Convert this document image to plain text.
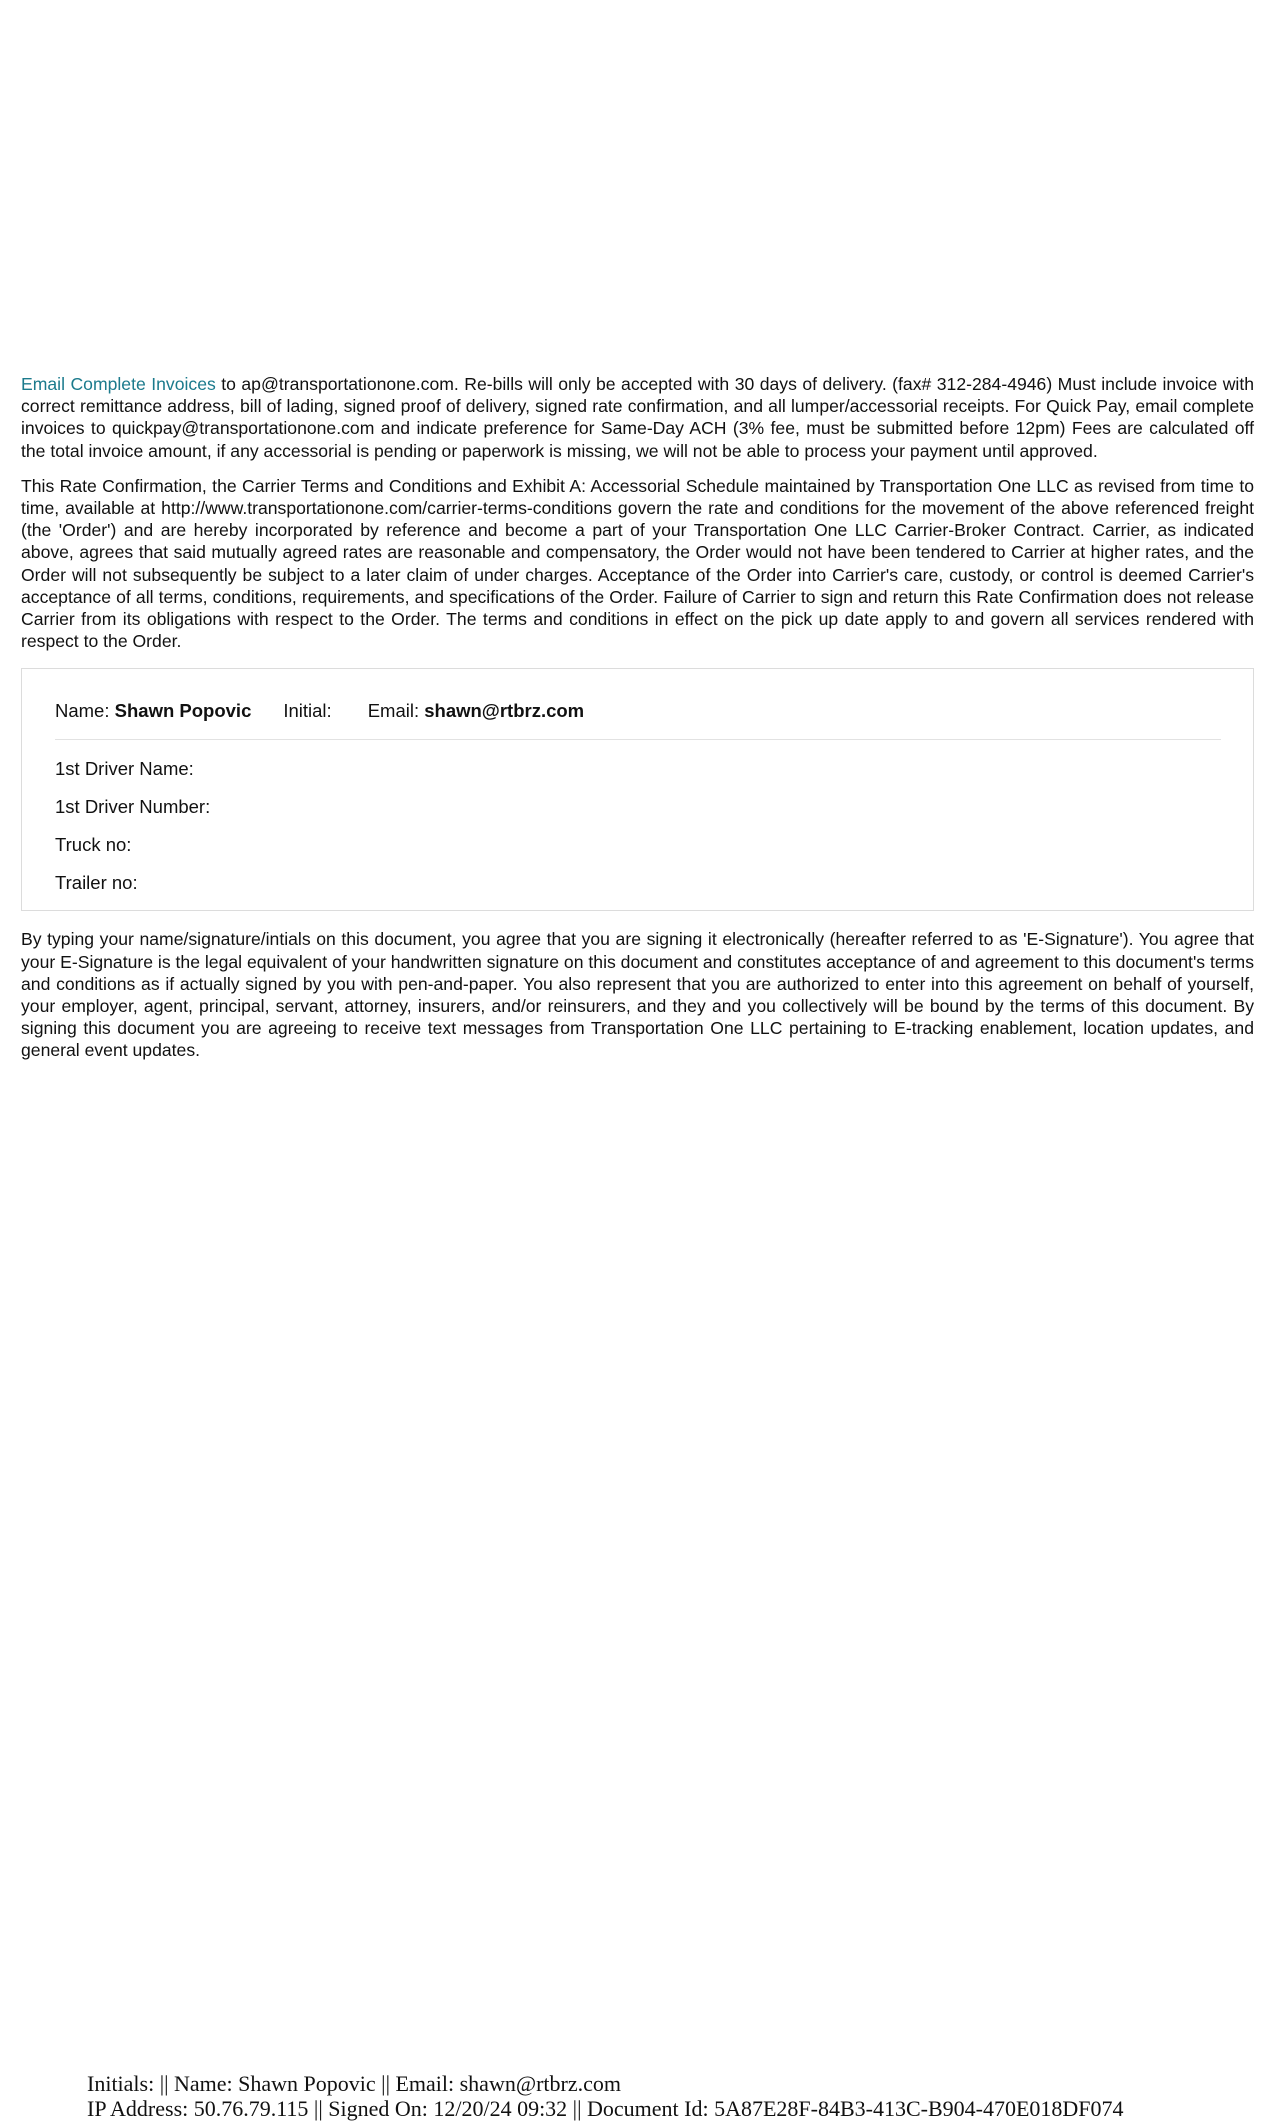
Email Complete Invoices to ap@transportationone.com. Re-bills will only be accepted with 30 days of delivery. (fax# 312-284-4946) Must include invoice with correct remittance address, bill of lading, signed proof of delivery, signed rate confirmation, and all lumper/accessorial receipts. For Quick Pay, email complete invoices to quickpay@transportationone.com and indicate preference for Same-Day ACH (3% fee, must be submitted before 12pm) Fees are calculated off the total invoice amount, if any accessorial is pending or paperwork is missing, we will not be able to process your payment until approved.

This Rate Confirmation, the Carrier Terms and Conditions and Exhibit A: Accessorial Schedule maintained by Transportation One LLC as revised from time to time, available at http://www.transportationone.com/carrier-terms-conditions govern the rate and conditions for the movement of the above referenced freight (the 'Order') and are hereby incorporated by reference and become a part of your Transportation One LLC Carrier-Broker Contract. Carrier, as indicated above, agrees that said mutually agreed rates are reasonable and compensatory, the Order would not have been tendered to Carrier at higher rates, and the Order will not subsequently be subject to a later claim of under charges. Acceptance of the Order into Carrier's care, custody, or control is deemed Carrier's acceptance of all terms, conditions, requirements, and specifications of the Order. Failure of Carrier to sign and return this Rate Confirmation does not release Carrier from its obligations with respect to the Order. The terms and conditions in effect on the pick up date apply to and govern all services rendered with respect to the Order.

Name: Shawn Popovic Initial: Email: shawn@rtbrz.com
1st Driver Name:
1st Driver Number:
Truck no:
Trailer no:

By typing your name/signature/intials on this document, you agree that you are signing it electronically (hereafter referred to as 'E-Signature'). You agree that your E-Signature is the legal equivalent of your handwritten signature on this document and constitutes acceptance of and agreement to this document's terms and conditions as if actually signed by you with pen-and-paper. You also represent that you are authorized to enter into this agreement on behalf of yourself, your employer, agent, principal, servant, attorney, insurers, and/or reinsurers, and they and you collectively will be bound by the terms of this document. By signing this document you are agreeing to receive text messages from Transportation One LLC pertaining to E-tracking enablement, location updates, and general event updates.

Initials: || Name: Shawn Popovic || Email: shawn@rtbrz.com
IP Address: 50.76.79.115 || Signed On: 12/20/24 09:32 || Document Id: 5A87E28F-84B3-413C-B904-470E018DF074
